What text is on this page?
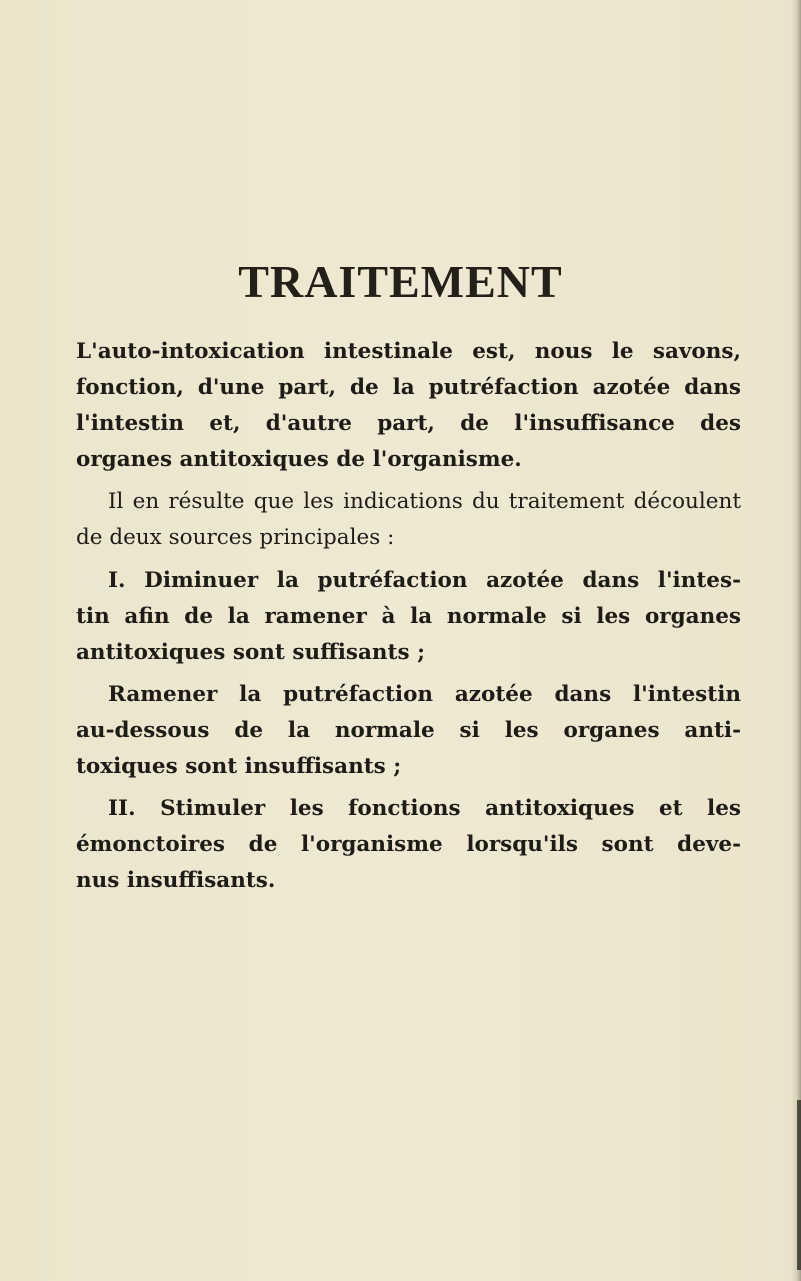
TRAITEMENT

L'auto-intoxication intestinale est, nous le savons,

fonction, d'une part, de la putréfaction azotée dans

l'intestin et, d'autre part, de l'insuffisance des

organes antitoxiques de l'organisme.

Il en résulte que les indications du traitement découlent

de deux sources principales :

I. Diminuer la putréfaction azotée dans l'intes-

tin afin de la ramener à la normale si les organes

antitoxiques sont suffisants ;

Ramener la putréfaction azotée dans l'intestin

au-dessous de la normale si les organes anti-

toxiques sont insuffisants ;

II. Stimuler les fonctions antitoxiques et les

émonctoires de l'organisme lorsqu'ils sont deve-

nus insuffisants.
